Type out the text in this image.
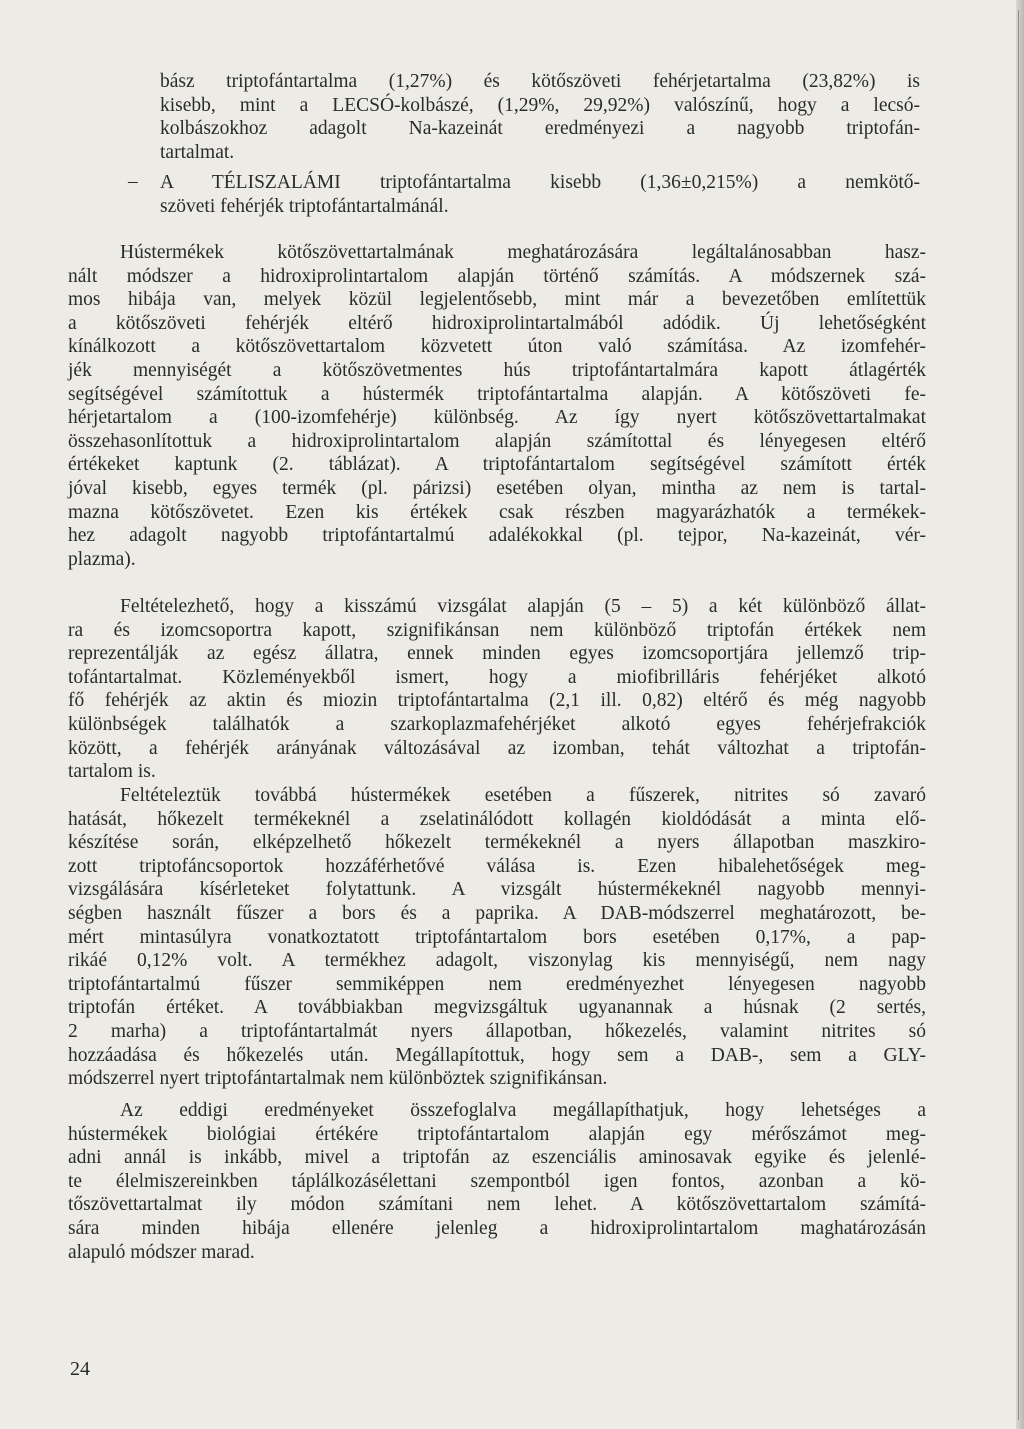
bász triptofántartalma (1,27%) és kötőszöveti fehérjetartalma (23,82%) is
kisebb, mint a LECSÓ-kolbászé, (1,29%, 29,92%) valószínű, hogy a lecsó-
kolbászokhoz adagolt Na-kazeinát eredményezi a nagyobb triptofán-
tartalmat.
– A TÉLISZALÁMI triptofántartalma kisebb (1,36±0,215%) a nemkötő-
szöveti fehérjék triptofántartalmánál.
Hústermékek kötőszövettartalmának meghatározására legáltalánosabban hasz-
nált módszer a hidroxiprolintartalom alapján történő számítás. A módszernek szá-
mos hibája van, melyek közül legjelentősebb, mint már a bevezetőben említettük
a kötőszöveti fehérjék eltérő hidroxiprolintartalmából adódik. Új lehetőségként
kínálkozott a kötőszövettartalom közvetett úton való számítása. Az izomfehér-
jék mennyiségét a kötőszövetmentes hús triptofántartalmára kapott átlagérték
segítségével számítottuk a hústermék triptofántartalma alapján. A kötőszöveti fe-
hérjetartalom a (100-izomfehérje) különbség. Az így nyert kötőszövettartalmakat
összehasonlítottuk a hidroxiprolintartalom alapján számítottal és lényegesen eltérő
értékeket kaptunk (2. táblázat). A triptofántartalom segítségével számított érték
jóval kisebb, egyes termék (pl. párizsi) esetében olyan, mintha az nem is tartal-
mazna kötőszövetet. Ezen kis értékek csak részben magyarázhatók a termékek-
hez adagolt nagyobb triptofántartalmú adalékokkal (pl. tejpor, Na-kazeinát, vér-
plazma).
Feltételezhető, hogy a kisszámú vizsgálat alapján (5 – 5) a két különböző állat-
ra és izomcsoportra kapott, szignifikánsan nem különböző triptofán értékek nem
reprezentálják az egész állatra, ennek minden egyes izomcsoportjára jellemző trip-
tofántartalmat. Közleményekből ismert, hogy a miofibrilláris fehérjéket alkotó
fő fehérjék az aktin és miozin triptofántartalma (2,1 ill. 0,82) eltérő és még nagyobb
különbségek találhatók a szarkoplazmafehérjéket alkotó egyes fehérjefrakciók
között, a fehérjék arányának változásával az izomban, tehát változhat a triptofán-
tartalom is.
Feltételeztük továbbá hústermékek esetében a fűszerek, nitrites só zavaró
hatását, hőkezelt termékeknél a zselatinálódott kollagén kioldódását a minta elő-
készítése során, elképzelhető hőkezelt termékeknél a nyers állapotban maszkiro-
zott triptofáncsoportok hozzáférhetővé válása is. Ezen hibalehetőségek meg-
vizsgálására kísérleteket folytattunk. A vizsgált hústermékeknél nagyobb mennyi-
ségben használt fűszer a bors és a paprika. A DAB-módszerrel meghatározott, be-
mért mintasúlyra vonatkoztatott triptofántartalom bors esetében 0,17%, a pap-
rikáé 0,12% volt. A termékhez adagolt, viszonylag kis mennyiségű, nem nagy
triptofántartalmú fűszer semmiképpen nem eredményezhet lényegesen nagyobb
triptofán értéket. A továbbiakban megvizsgáltuk ugyanannak a húsnak (2 sertés,
2 marha) a triptofántartalmát nyers állapotban, hőkezelés, valamint nitrites só
hozzáadása és hőkezelés után. Megállapítottuk, hogy sem a DAB-, sem a GLY-
módszerrel nyert triptofántartalmak nem különböztek szignifikánsan.
Az eddigi eredményeket összefoglalva megállapíthatjuk, hogy lehetséges a
hústermékek biológiai értékére triptofántartalom alapján egy mérőszámot meg-
adni annál is inkább, mivel a triptofán az eszenciális aminosavak egyike és jelenlé-
te élelmiszereinkben táplálkozásélettani szempontból igen fontos, azonban a kö-
tőszövettartalmat ily módon számítani nem lehet. A kötőszövettartalom számítá-
sára minden hibája ellenére jelenleg a hidroxiprolintartalom maghatározásán
alapuló módszer marad.
24
